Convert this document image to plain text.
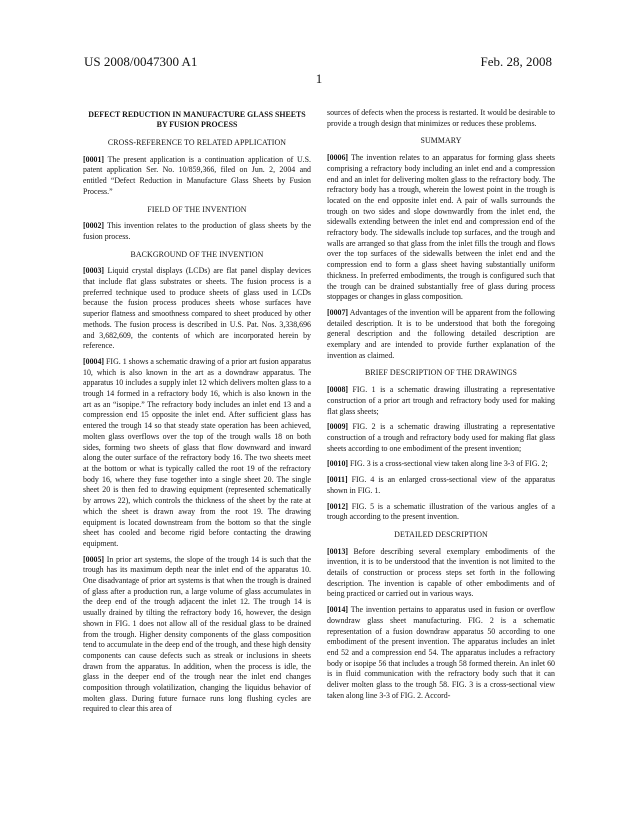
US 2008/0047300 A1	Feb. 28, 2008
1
DEFECT REDUCTION IN MANUFACTURE GLASS SHEETS BY FUSION PROCESS
CROSS-REFERENCE TO RELATED APPLICATION

[0001] The present application is a continuation application of U.S. patent application Ser. No. 10/859,366, filed on Jun. 2, 2004 and entitled “Defect Reduction in Manufacture Glass Sheets by Fusion Process.”

FIELD OF THE INVENTION

[0002] This invention relates to the production of glass sheets by the fusion process.

BACKGROUND OF THE INVENTION

[0003] Liquid crystal displays (LCDs) are flat panel display devices that include flat glass substrates or sheets. The fusion process is a preferred technique used to produce sheets of glass used in LCDs because the fusion process produces sheets whose surfaces have superior flatness and smoothness compared to sheet produced by other methods. The fusion process is described in U.S. Pat. Nos. 3,338,696 and 3,682,609, the contents of which are incorporated herein by reference.

[0004] FIG. 1 shows a schematic drawing of a prior art fusion apparatus 10, which is also known in the art as a downdraw apparatus. The apparatus 10 includes a supply inlet 12 which delivers molten glass to a trough 14 formed in a refractory body 16, which is also known in the art as an “isopipe.” The refractory body includes an inlet end 13 and a compression end 15 opposite the inlet end. After sufficient glass has entered the trough 14 so that steady state operation has been achieved, molten glass overflows over the top of the trough walls 18 on both sides, forming two sheets of glass that flow downward and inward along the outer surface of the refractory body 16. The two sheets meet at the bottom or what is typically called the root 19 of the refractory body 16, where they fuse together into a single sheet 20. The single sheet 20 is then fed to drawing equipment (represented schematically by arrows 22), which controls the thickness of the sheet by the rate at which the sheet is drawn away from the root 19. The drawing equipment is located downstream from the bottom so that the single sheet has cooled and become rigid before contacting the drawing equipment.

[0005] In prior art systems, the slope of the trough 14 is such that the trough has its maximum depth near the inlet end of the apparatus 10. One disadvantage of prior art systems is that when the trough is drained of glass after a production run, a large volume of glass accumulates in the deep end of the trough adjacent the inlet 12. The trough 14 is usually drained by tilting the refractory body 16, however, the design shown in FIG. 1 does not allow all of the residual glass to be drained from the trough. Higher density components of the glass composition tend to accumulate in the deep end of the trough, and these high density components can cause defects such as streak or inclusions in sheets drawn from the apparatus. In addition, when the process is idle, the glass in the deeper end of the trough near the inlet end changes composition through volatilization, changing the liquidus behavior of molten glass. During future furnace runs long flushing cycles are required to clear this area of

sources of defects when the process is restarted. It would be desirable to provide a trough design that minimizes or reduces these problems.

SUMMARY

[0006] The invention relates to an apparatus for forming glass sheets comprising a refractory body including an inlet end and a compression end and an inlet for delivering molten glass to the refractory body. The refractory body has a trough, wherein the lowest point in the trough is located on the end opposite inlet end. A pair of walls surrounds the trough on two sides and slope downwardly from the inlet end, the sidewalls extending between the inlet end and compression end of the refractory body. The sidewalls include top surfaces, and the trough and walls are arranged so that glass from the inlet fills the trough and flows over the top surfaces of the sidewalls between the inlet end and the compression end to form a glass sheet having substantially uniform thickness. In preferred embodiments, the trough is configured such that the trough can be drained substantially free of glass during process stoppages or changes in glass composition.

[0007] Advantages of the invention will be apparent from the following detailed description. It is to be understood that both the foregoing general description and the following detailed description are exemplary and are intended to provide further explanation of the invention as claimed.

BRIEF DESCRIPTION OF THE DRAWINGS

[0008] FIG. 1 is a schematic drawing illustrating a representative construction of a prior art trough and refractory body used for making flat glass sheets;

[0009] FIG. 2 is a schematic drawing illustrating a representative construction of a trough and refractory body used for making flat glass sheets according to one embodiment of the present invention;

[0010] FIG. 3 is a cross-sectional view taken along line 3-3 of FIG. 2;

[0011] FIG. 4 is an enlarged cross-sectional view of the apparatus shown in FIG. 1.

[0012] FIG. 5 is a schematic illustration of the various angles of a trough according to the present invention.

DETAILED DESCRIPTION

[0013] Before describing several exemplary embodiments of the invention, it is to be understood that the invention is not limited to the details of construction or process steps set forth in the following description. The invention is capable of other embodiments and of being practiced or carried out in various ways.

[0014] The invention pertains to apparatus used in fusion or overflow downdraw glass sheet manufacturing. FIG. 2 is a schematic representation of a fusion downdraw apparatus 50 according to one embodiment of the present invention. The apparatus includes an inlet end 52 and a compression end 54. The apparatus includes a refractory body or isopipe 56 that includes a trough 58 formed therein. An inlet 60 is in fluid communication with the refractory body such that it can deliver molten glass to the trough 58. FIG. 3 is a cross-sectional view taken along line 3-3 of FIG. 2. Accord-
